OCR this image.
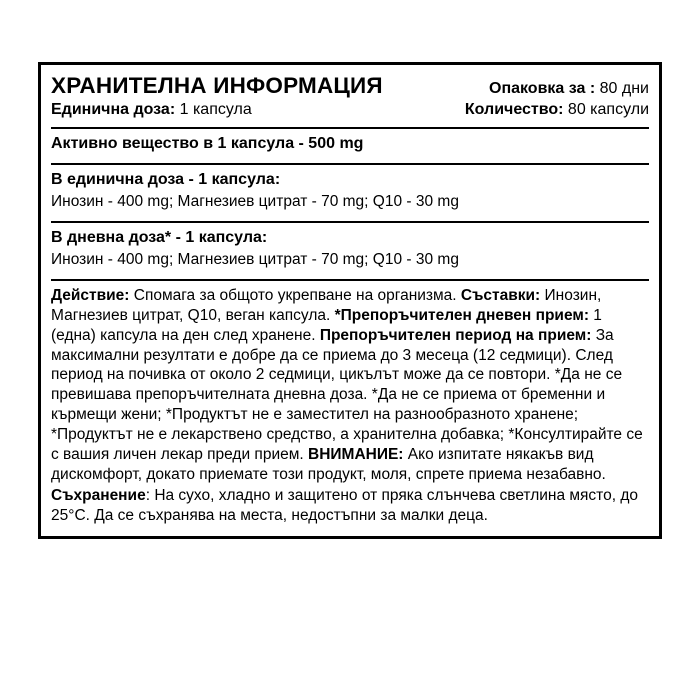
ХРАНИТЕЛНА ИНФОРМАЦИЯ	Опаковка за : 80 дни
Единична доза: 1 капсула	Количество: 80 капсули
Активно вещество в 1 капсула - 500 mg
В единична доза - 1 капсула:
Инозин - 400 mg; Магнезиев цитрат - 70 mg; Q10 - 30 mg
В дневна доза* - 1 капсула:
Инозин - 400 mg; Магнезиев цитрат - 70 mg; Q10 - 30 mg
Действие: Спомага за общото укрепване на организма. Съставки: Инозин, Магнезиев цитрат, Q10, веган капсула. *Препоръчителен дневен прием: 1 (една) капсула на ден след хранене. Препоръчителен период на прием: За максимални резултати е добре да се приема до 3 месеца (12 седмици). След период на почивка от около 2 седмици, цикълът може да се повтори. *Да не се превишава препоръчителната дневна доза. *Да не се приема от бременни и кърмещи жени; *Продуктът не е заместител на разнообразното хранене; *Продуктът не е лекарствено средство, а хранителна добавка; *Консултирайте се с вашия личен лекар преди прием. ВНИМАНИЕ: Ако изпитате някакъв вид дискомфорт, докато приемате този продукт, моля, спрете приема незабавно.
Съхранение: На сухо, хладно и защитено от пряка слънчева светлина място, до 25°C. Да се съхранява на места, недостъпни за малки деца.
